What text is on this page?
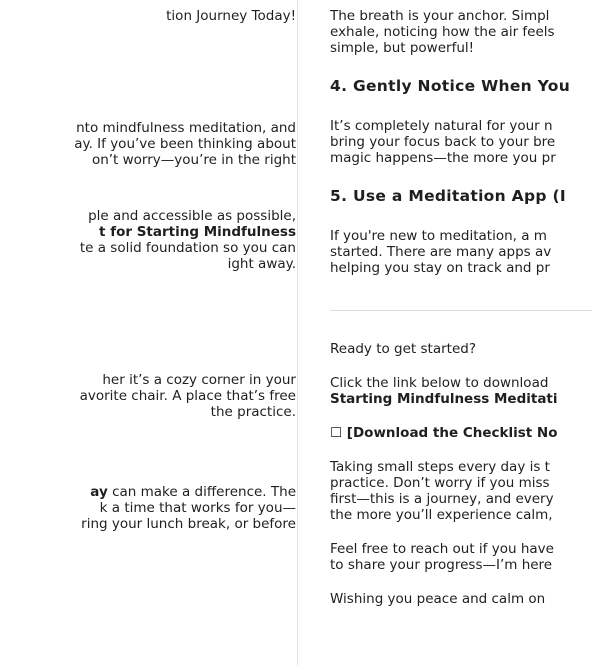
tion Journey Today!
nto mindfulness meditation, and
ay. If you’ve been thinking about
on’t worry—you’re in the right
ple and accessible as possible,
t for Starting Mindfulness
te a solid foundation so you can
ight away.
her it’s a cozy corner in your
avorite chair. A place that’s free
the practice.
ay can make a difference. The
k a time that works for you—
ring your lunch break, or before
The breath is your anchor. Simpl
exhale, noticing how the air feels
simple, but powerful!
4. Gently Notice When You
It’s completely natural for your n
bring your focus back to your bre
magic happens—the more you pr
5. Use a Meditation App (I
If you're new to meditation, a m
started. There are many apps av
helping you stay on track and pr
Ready to get started?
Click the link below to download
Starting Mindfulness Meditati
☐ [Download the Checklist No
Taking small steps every day is t
practice. Don’t worry if you miss
first—this is a journey, and every
the more you’ll experience calm,
Feel free to reach out if you have
to share your progress—I’m here
Wishing you peace and calm on
